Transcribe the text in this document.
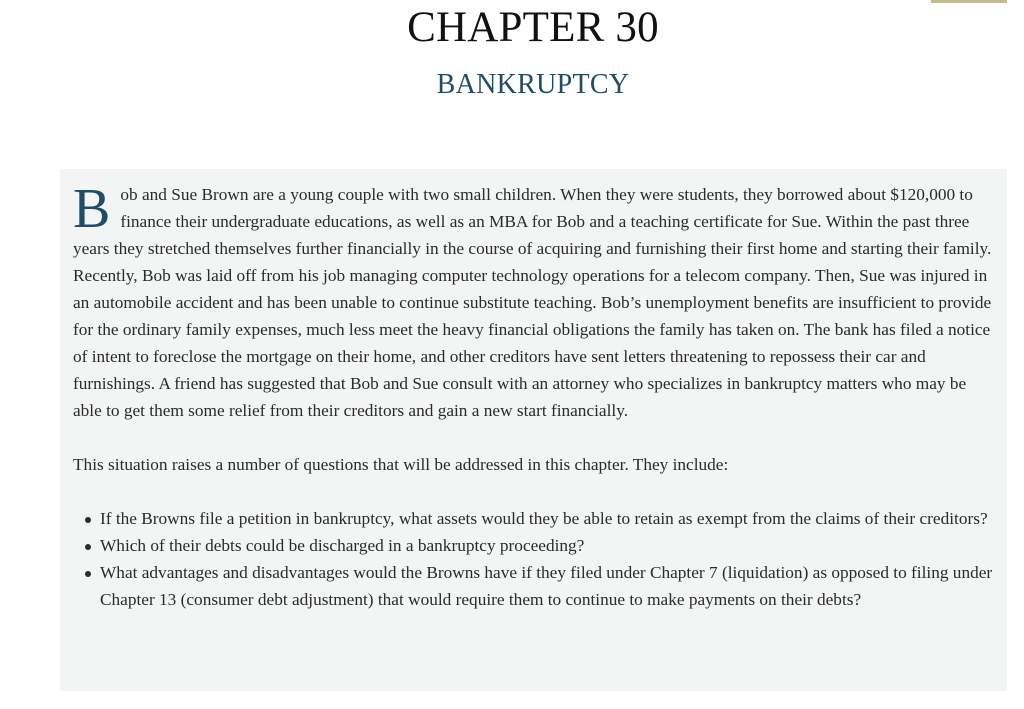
CHAPTER 30
BANKRUPTCY

Bob and Sue Brown are a young couple with two small children. When they were students, they borrowed about $120,000 to finance their undergraduate educations, as well as an MBA for Bob and a teaching certificate for Sue. Within the past three years they stretched themselves further financially in the course of acquiring and furnishing their first home and starting their family. Recently, Bob was laid off from his job managing computer technology operations for a telecom company. Then, Sue was injured in an automobile accident and has been unable to continue substitute teaching. Bob’s unemployment benefits are insufficient to provide for the ordinary family expenses, much less meet the heavy financial obligations the family has taken on. The bank has filed a notice of intent to foreclose the mortgage on their home, and other creditors have sent letters threatening to repossess their car and furnishings. A friend has suggested that Bob and Sue consult with an attorney who specializes in bankruptcy matters who may be able to get them some relief from their creditors and gain a new start financially.

This situation raises a number of questions that will be addressed in this chapter. They include:

If the Browns file a petition in bankruptcy, what assets would they be able to retain as exempt from the claims of their creditors?
Which of their debts could be discharged in a bankruptcy proceeding?
What advantages and disadvantages would the Browns have if they filed under Chapter 7 (liquidation) as opposed to filing under Chapter 13 (consumer debt adjustment) that would require them to continue to make payments on their debts?
